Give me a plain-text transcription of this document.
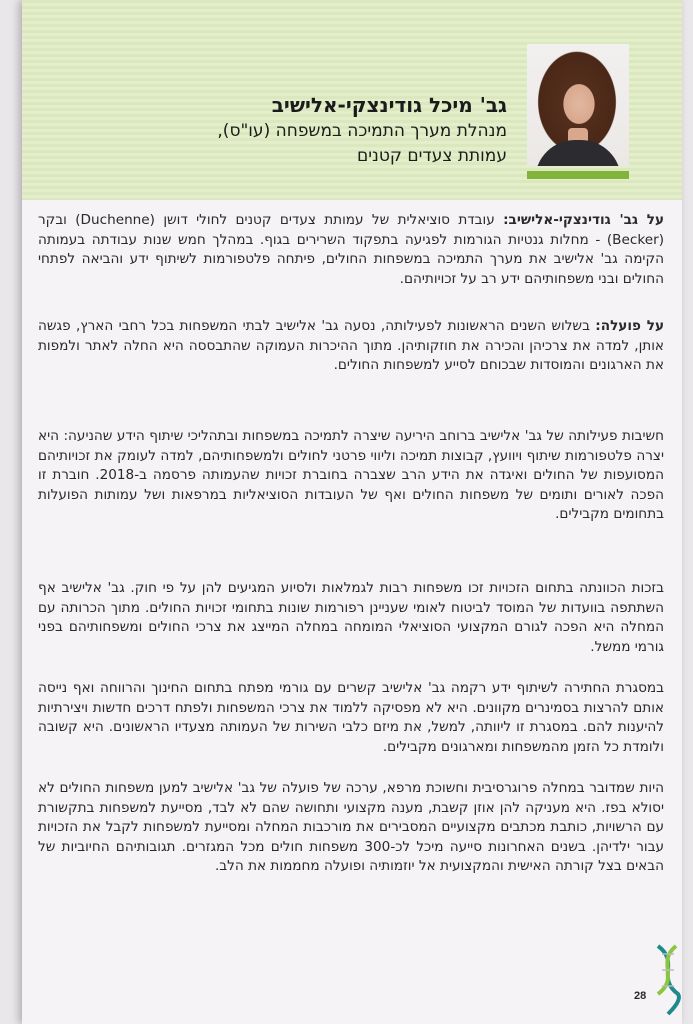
גב' מיכל גודינצקי-אלישיב
מנהלת מערך התמיכה במשפחה (עו"ס),
עמותת צעדים קטנים

על גב' גודינצקי-אלישיב: עובדת סוציאלית של עמותת צעדים קטנים לחולי דושן (Duchenne) ובקר (Becker) - מחלות גנטיות הגורמות לפגיעה בתפקוד השרירים בגוף. במהלך חמש שנות עבודתה בעמותה הקימה גב' אלישיב את מערך התמיכה במשפחות החולים, פיתחה פלטפורמות לשיתוף ידע והביאה לפתחי החולים ובני משפחותיהם ידע רב על זכויותיהם.

על פועלה: בשלוש השנים הראשונות לפעילותה, נסעה גב' אלישיב לבתי המשפחות בכל רחבי הארץ, פגשה אותן, למדה את צרכיהן והכירה את חוזקותיהן. מתוך ההיכרות העמוקה שהתבססה היא החלה לאתר ולמפות את הארגונים והמוסדות שבכוחם לסייע למשפחות החולים.

חשיבות פעילותה של גב' אלישיב ברוחב היריעה שיצרה לתמיכה במשפחות ובתהליכי שיתוף הידע שהניעה: היא יצרה פלטפורמות שיתוף ויוועץ, קבוצות תמיכה וליווי פרטני לחולים ולמשפחותיהם, למדה לעומק את זכויותיהם המסועפות של החולים ואיגדה את הידע הרב שצברה בחוברת זכויות שהעמותה פרסמה ב-2018. חוברת זו הפכה לאורים ותומים של משפחות החולים ואף של העובדות הסוציאליות במרפאות ושל עמותות הפועלות בתחומים מקבילים.

בזכות הכוונתה בתחום הזכויות זכו משפחות רבות לגמלאות ולסיוע המגיעים להן על פי חוק. גב' אלישיב אף השתתפה בוועדות של המוסד לביטוח לאומי שעניינן רפורמות שונות בתחומי זכויות החולים. מתוך הכרותה עם המחלה היא הפכה לגורם המקצועי הסוציאלי המומחה במחלה המייצג את צרכי החולים ומשפחותיהם בפני גורמי ממשל.

במסגרת החתירה לשיתוף ידע רקמה גב' אלישיב קשרים עם גורמי מפתח בתחום החינוך והרווחה ואף נייסה אותם להרצות בסמינרים מקוונים. היא לא מפסיקה ללמוד את צרכי המשפחות ולפתח דרכים חדשות ויצירתיות להיענות להם. במסגרת זו ליוותה, למשל, את מיזם כלבי השירות של העמותה מצעדיו הראשונים. היא קשובה ולומדת כל הזמן מהמשפחות ומארגונים מקבילים.

היות שמדובר במחלה פרוגרסיבית וחשוכת מרפא, ערכה של פועלה של גב' אלישיב למען משפחות החולים לא יסולא בפז. היא מעניקה להן אוזן קשבת, מענה מקצועי ותחושה שהם לא לבד, מסייעת למשפחות בתקשורת עם הרשויות, כותבת מכתבים מקצועיים המסבירים את מורכבות המחלה ומסייעת למשפחות לקבל את הזכויות עבור ילדיהן. בשנים האחרונות סייעה מיכל לכ-300 משפחות חולים מכל המגזרים. תגובותיהם החיוביות של הבאים בצל קורתה האישית והמקצועית אל יוזמותיה ופועלה מחממות את הלב.

28
